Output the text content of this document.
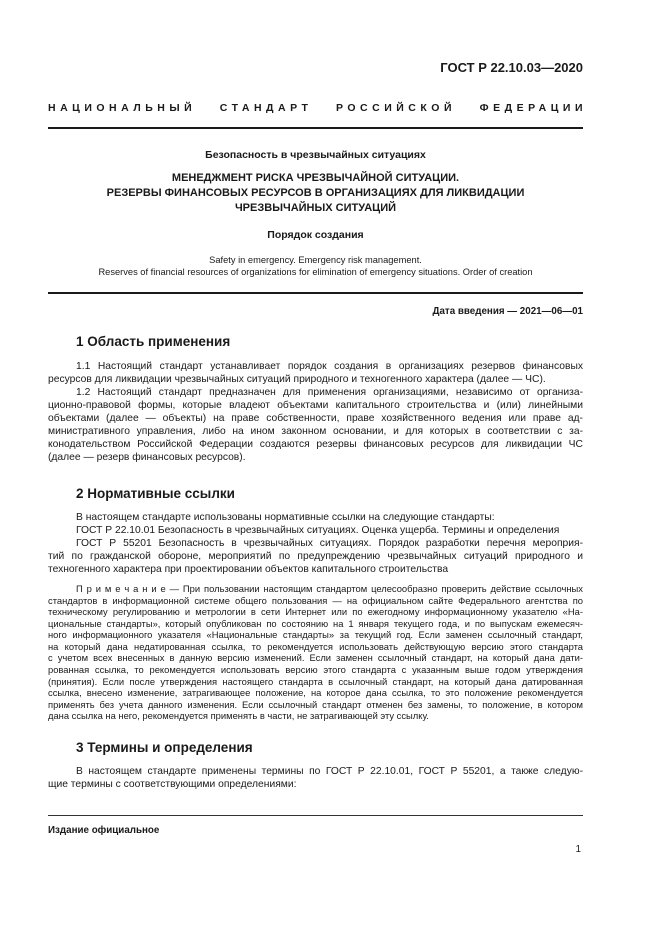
ГОСТ Р 22.10.03—2020
НАЦИОНАЛЬНЫЙ СТАНДАРТ РОССИЙСКОЙ ФЕДЕРАЦИИ
Безопасность в чрезвычайных ситуациях
МЕНЕДЖМЕНТ РИСКА ЧРЕЗВЫЧАЙНОЙ СИТУАЦИИ.
РЕЗЕРВЫ ФИНАНСОВЫХ РЕСУРСОВ В ОРГАНИЗАЦИЯХ ДЛЯ ЛИКВИДАЦИИ
ЧРЕЗВЫЧАЙНЫХ СИТУАЦИЙ
Порядок создания
Safety in emergency. Emergency risk management.
Reserves of financial resources of organizations for elimination of emergency situations. Order of creation
Дата введения — 2021—06—01
1 Область применения
1.1 Настоящий стандарт устанавливает порядок создания в организациях резервов финансовых
ресурсов для ликвидации чрезвычайных ситуаций природного и техногенного характера (далее — ЧС).
1.2 Настоящий стандарт предназначен для применения организациями, независимо от организа-
ционно-правовой формы, которые владеют объектами капитального строительства и (или) линейными
объектами (далее — объекты) на праве собственности, праве хозяйственного ведения или праве ад-
министративного управления, либо на ином законном основании, и для которых в соответствии с за-
конодательством Российской Федерации создаются резервы финансовых ресурсов для ликвидации ЧС
(далее — резерв финансовых ресурсов).
2 Нормативные ссылки
В настоящем стандарте использованы нормативные ссылки на следующие стандарты:
ГОСТ Р 22.10.01 Безопасность в чрезвычайных ситуациях. Оценка ущерба. Термины и определения
ГОСТ Р 55201 Безопасность в чрезвычайных ситуациях. Порядок разработки перечня мероприя-
тий по гражданской обороне, мероприятий по предупреждению чрезвычайных ситуаций природного и
техногенного характера при проектировании объектов капитального строительства
П р и м е ч а н и е — При пользовании настоящим стандартом целесообразно проверить действие ссылочных
стандартов в информационной системе общего пользования — на официальном сайте Федерального агентства по
техническому регулированию и метрологии в сети Интернет или по ежегодному информационному указателю «На-
циональные стандарты», который опубликован по состоянию на 1 января текущего года, и по выпускам ежемесяч-
ного информационного указателя «Национальные стандарты» за текущий год. Если заменен ссылочный стандарт,
на который дана недатированная ссылка, то рекомендуется использовать действующую версию этого стандарта
с учетом всех внесенных в данную версию изменений. Если заменен ссылочный стандарт, на который дана дати-
рованная ссылка, то рекомендуется использовать версию этого стандарта с указанным выше годом утверждения
(принятия). Если после утверждения настоящего стандарта в ссылочный стандарт, на который дана датированная
ссылка, внесено изменение, затрагивающее положение, на которое дана ссылка, то это положение рекомендуется
применять без учета данного изменения. Если ссылочный стандарт отменен без замены, то положение, в котором
дана ссылка на него, рекомендуется применять в части, не затрагивающей эту ссылку.
3 Термины и определения
В настоящем стандарте применены термины по ГОСТ Р 22.10.01, ГОСТ Р 55201, а также следую-
щие термины с соответствующими определениями:
Издание официальное
1
